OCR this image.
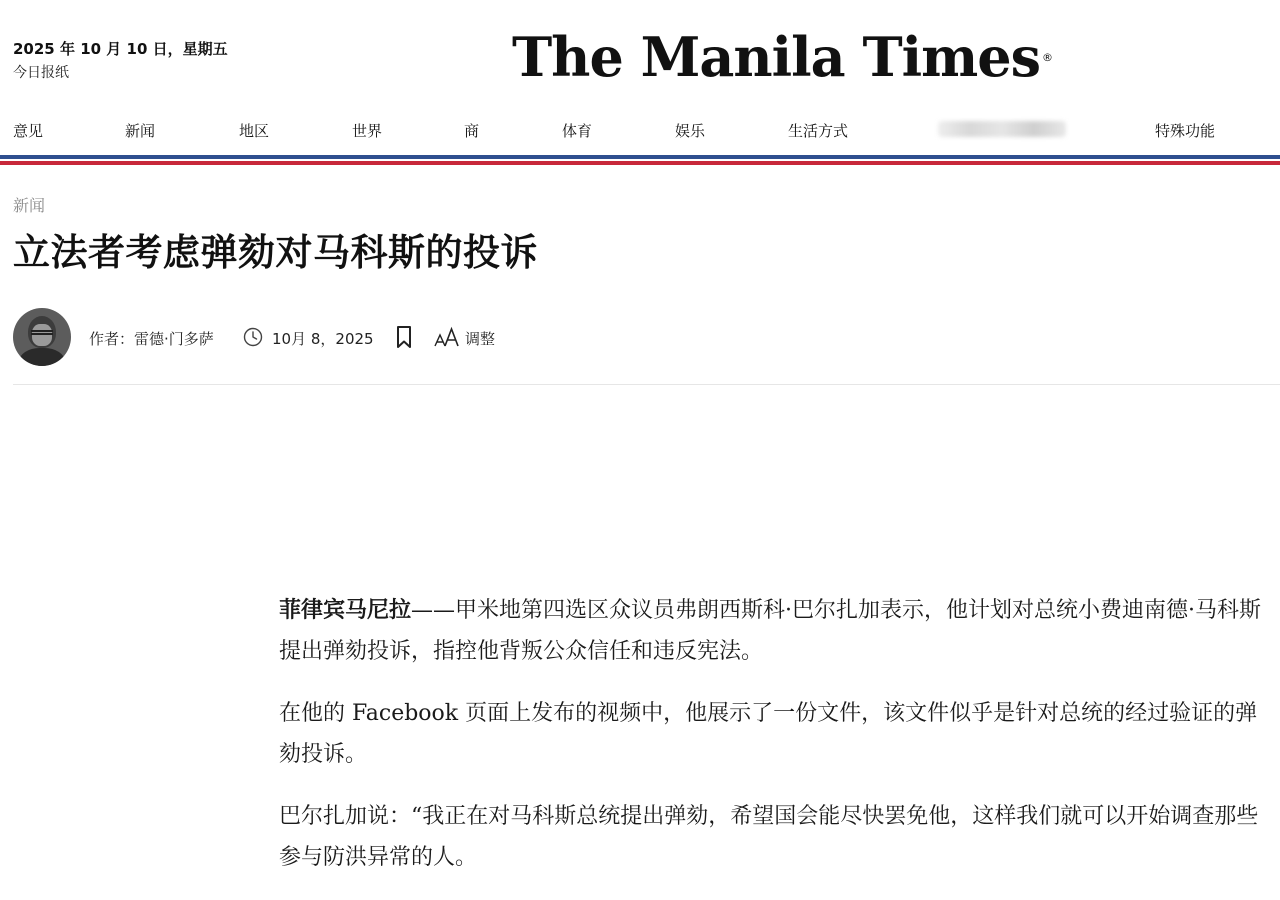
2025 年 10 月 10 日，星期五
今日报纸	The Manila Times ®
意见	新闻	地区	世界	商	体育	娱乐	生活方式	特殊功能
新闻
立法者考虑弹劾对马科斯的投诉
作者：雷德·门多萨	10月 8，2025	调整

菲律宾马尼拉——甲米地第四选区众议员弗朗西斯科·巴尔扎加表示，他计划对总统小费迪南德·马科斯提出弹劾投诉，指控他背叛公众信任和违反宪法。

在他的 Facebook 页面上发布的视频中，他展示了一份文件，该文件似乎是针对总统的经过验证的弹劾投诉。

巴尔扎加说：“我正在对马科斯总统提出弹劾，希望国会能尽快罢免他，这样我们就可以开始调查那些参与防洪异常的人。
